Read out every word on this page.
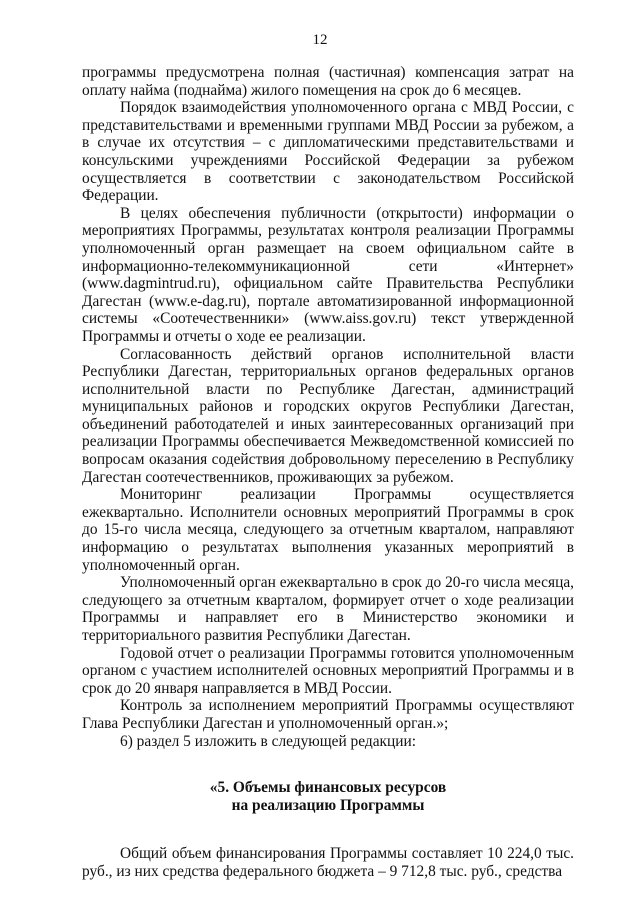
12

программы предусмотрена полная (частичная) компенсация затрат на оплату найма (поднайма) жилого помещения на срок до 6 месяцев.

Порядок взаимодействия уполномоченного органа с МВД России, с представительствами и временными группами МВД России за рубежом, а в случае их отсутствия – с дипломатическими представительствами и консульскими учреждениями Российской Федерации за рубежом осуществляется в соответствии с законодательством Российской Федерации.

В целях обеспечения публичности (открытости) информации о мероприятиях Программы, результатах контроля реализации Программы уполномоченный орган размещает на своем официальном сайте в информационно-телекоммуникационной сети «Интернет» (www.dagmintrud.ru), официальном сайте Правительства Республики Дагестан (www.e-dag.ru), портале автоматизированной информационной системы «Соотечественники» (www.aiss.gov.ru) текст утвержденной Программы и отчеты о ходе ее реализации.

Согласованность действий органов исполнительной власти Республики Дагестан, территориальных органов федеральных органов исполнительной власти по Республике Дагестан, администраций муниципальных районов и городских округов Республики Дагестан, объединений работодателей и иных заинтересованных организаций при реализации Программы обеспечивается Межведомственной комиссией по вопросам оказания содействия добровольному переселению в Республику Дагестан соотечественников, проживающих за рубежом.

Мониторинг реализации Программы осуществляется ежеквартально. Исполнители основных мероприятий Программы в срок до 15-го числа месяца, следующего за отчетным кварталом, направляют информацию о результатах выполнения указанных мероприятий в уполномоченный орган.

Уполномоченный орган ежеквартально в срок до 20-го числа месяца, следующего за отчетным кварталом, формирует отчет о ходе реализации Программы и направляет его в Министерство экономики и территориального развития Республики Дагестан.

Годовой отчет о реализации Программы готовится уполномоченным органом с участием исполнителей основных мероприятий Программы и в срок до 20 января направляется в МВД России.

Контроль за исполнением мероприятий Программы осуществляют Глава Республики Дагестан и уполномоченный орган.»;

6) раздел 5 изложить в следующей редакции:

«5. Объемы финансовых ресурсов
на реализацию Программы

Общий объем финансирования Программы составляет 10 224,0 тыс. руб., из них средства федерального бюджета – 9 712,8 тыс. руб., средства
